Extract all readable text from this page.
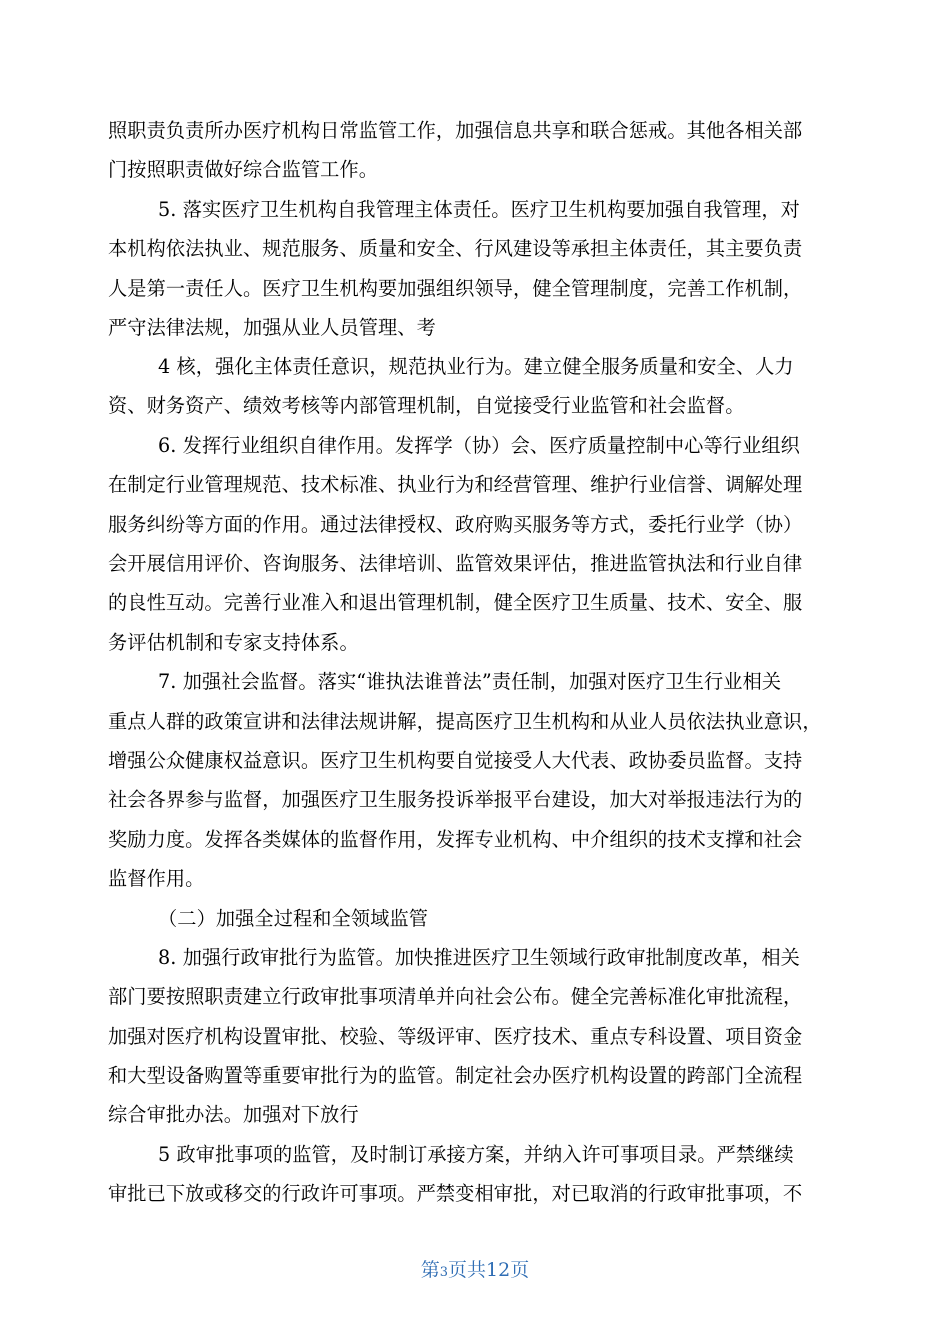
照职责负责所办医疗机构日常监管工作，加强信息共享和联合惩戒。其他各相关部
门按照职责做好综合监管工作。
5. 落实医疗卫生机构自我管理主体责任。医疗卫生机构要加强自我管理，对
本机构依法执业、规范服务、质量和安全、行风建设等承担主体责任，其主要负责
人是第一责任人。医疗卫生机构要加强组织领导，健全管理制度，完善工作机制，
严守法律法规，加强从业人员管理、考
4 核，强化主体责任意识，规范执业行为。建立健全服务质量和安全、人力
资、财务资产、绩效考核等内部管理机制，自觉接受行业监管和社会监督。
6. 发挥行业组织自律作用。发挥学（协）会、医疗质量控制中心等行业组织
在制定行业管理规范、技术标准、执业行为和经营管理、维护行业信誉、调解处理
服务纠纷等方面的作用。通过法律授权、政府购买服务等方式，委托行业学（协）
会开展信用评价、咨询服务、法律培训、监管效果评估，推进监管执法和行业自律
的良性互动。完善行业准入和退出管理机制，健全医疗卫生质量、技术、安全、服
务评估机制和专家支持体系。
7. 加强社会监督。落实“谁执法谁普法”责任制，加强对医疗卫生行业相关
重点人群的政策宣讲和法律法规讲解，提高医疗卫生机构和从业人员依法执业意识，
增强公众健康权益意识。医疗卫生机构要自觉接受人大代表、政协委员监督。支持
社会各界参与监督，加强医疗卫生服务投诉举报平台建设，加大对举报违法行为的
奖励力度。发挥各类媒体的监督作用，发挥专业机构、中介组织的技术支撑和社会
监督作用。
（二）加强全过程和全领域监管
8. 加强行政审批行为监管。加快推进医疗卫生领域行政审批制度改革，相关
部门要按照职责建立行政审批事项清单并向社会公布。健全完善标准化审批流程，
加强对医疗机构设置审批、校验、等级评审、医疗技术、重点专科设置、项目资金
和大型设备购置等重要审批行为的监管。制定社会办医疗机构设置的跨部门全流程
综合审批办法。加强对下放行
5 政审批事项的监管，及时制订承接方案，并纳入许可事项目录。严禁继续
审批已下放或移交的行政许可事项。严禁变相审批，对已取消的行政审批事项，不
第3页共12页
